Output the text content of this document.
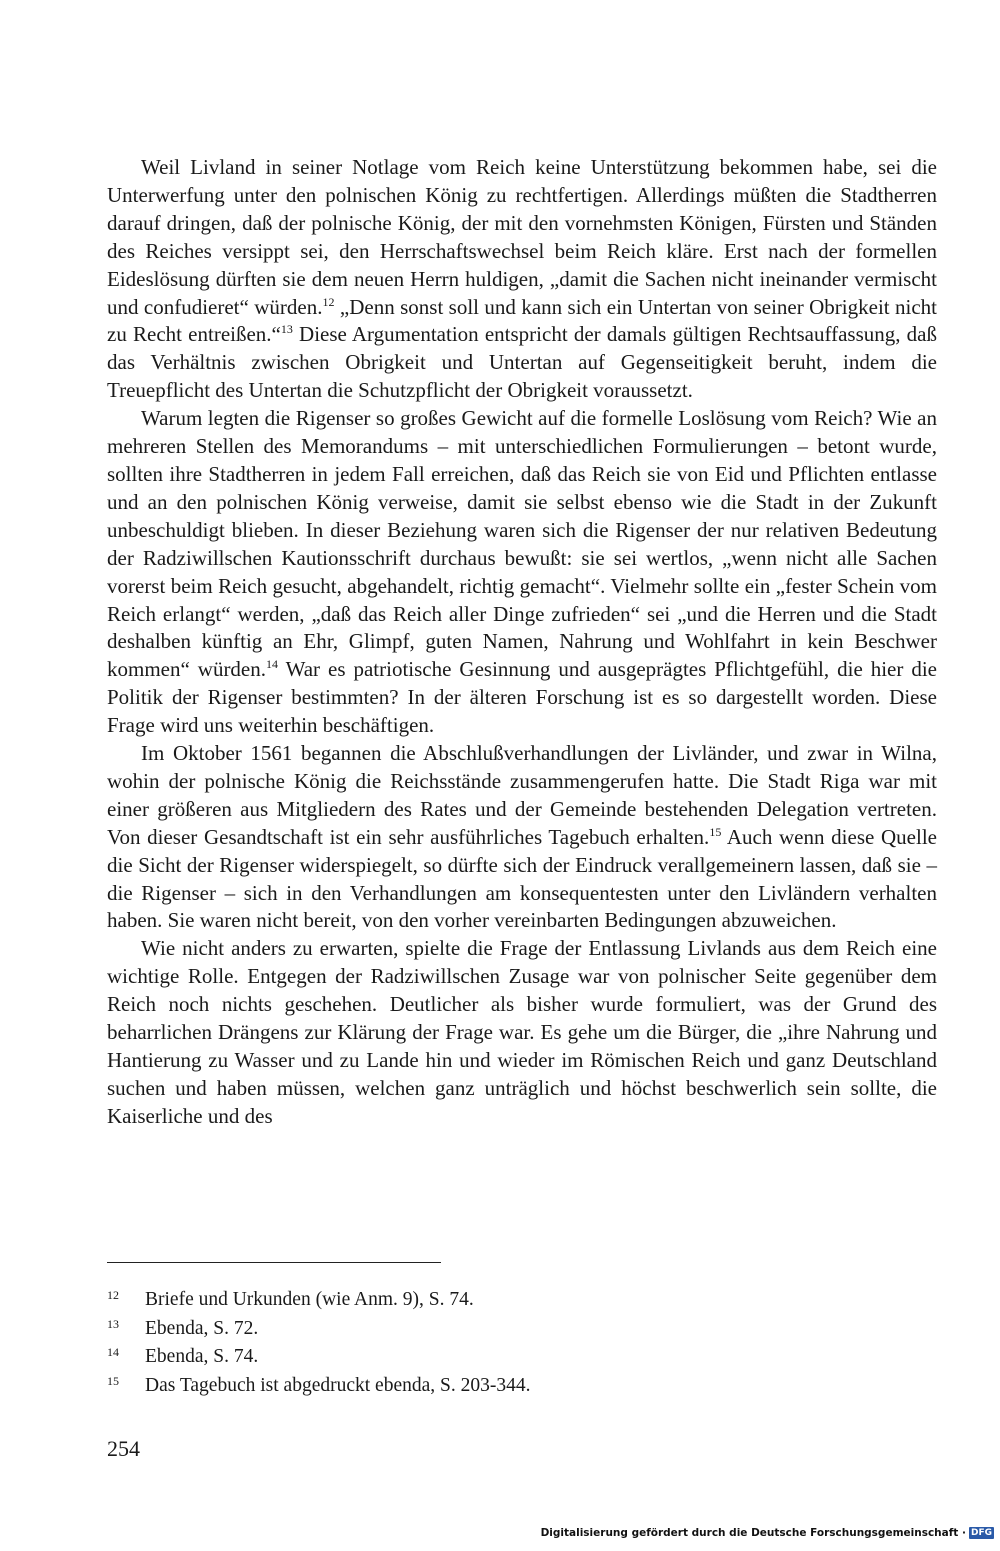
Weil Livland in seiner Notlage vom Reich keine Unterstützung bekommen habe, sei die Unterwerfung unter den polnischen König zu rechtfertigen. Allerdings müßten die Stadtherren darauf dringen, daß der polnische König, der mit den vornehmsten Königen, Fürsten und Ständen des Reiches versippt sei, den Herrschaftswechsel beim Reich kläre. Erst nach der formellen Eideslösung dürften sie dem neuen Herrn huldigen, „damit die Sachen nicht ineinander vermischt und confudieret“ würden.$^{12}$ „Denn sonst soll und kann sich ein Untertan von seiner Obrigkeit nicht zu Recht entreißen.“$^{13}$ Diese Argumentation entspricht der damals gültigen Rechtsauffassung, daß das Verhältnis zwischen Obrigkeit und Untertan auf Gegenseitigkeit beruht, indem die Treuepflicht des Untertan die Schutzpflicht der Obrigkeit voraussetzt.

Warum legten die Rigenser so großes Gewicht auf die formelle Loslösung vom Reich? Wie an mehreren Stellen des Memorandums – mit unterschiedlichen Formulierungen – betont wurde, sollten ihre Stadtherren in jedem Fall erreichen, daß das Reich sie von Eid und Pflichten entlasse und an den polnischen König verweise, damit sie selbst ebenso wie die Stadt in der Zukunft unbeschuldigt blieben. In dieser Beziehung waren sich die Rigenser der nur relativen Bedeutung der Radziwillschen Kautionsschrift durchaus bewußt: sie sei wertlos, „wenn nicht alle Sachen vorerst beim Reich gesucht, abgehandelt, richtig gemacht“. Vielmehr sollte ein „fester Schein vom Reich erlangt“ werden, „daß das Reich aller Dinge zufrieden“ sei „und die Herren und die Stadt deshalben künftig an Ehr, Glimpf, guten Namen, Nahrung und Wohlfahrt in kein Beschwer kommen“ würden.$^{14}$ War es patriotische Gesinnung und ausgeprägtes Pflichtgefühl, die hier die Politik der Rigenser bestimmten? In der älteren Forschung ist es so dargestellt worden. Diese Frage wird uns weiterhin beschäftigen.

Im Oktober 1561 begannen die Abschlußverhandlungen der Livländer, und zwar in Wilna, wohin der polnische König die Reichsstände zusammengerufen hatte. Die Stadt Riga war mit einer größeren aus Mitgliedern des Rates und der Gemeinde bestehenden Delegation vertreten. Von dieser Gesandtschaft ist ein sehr ausführliches Tagebuch erhalten.$^{15}$ Auch wenn diese Quelle die Sicht der Rigenser widerspiegelt, so dürfte sich der Eindruck verallgemeinern lassen, daß sie – die Rigenser – sich in den Verhandlungen am konsequentesten unter den Livländern verhalten haben. Sie waren nicht bereit, von den vorher vereinbarten Bedingungen abzuweichen.

Wie nicht anders zu erwarten, spielte die Frage der Entlassung Livlands aus dem Reich eine wichtige Rolle. Entgegen der Radziwillschen Zusage war von polnischer Seite gegenüber dem Reich noch nichts geschehen. Deutlicher als bisher wurde formuliert, was der Grund des beharrlichen Drängens zur Klärung der Frage war. Es gehe um die Bürger, die „ihre Nahrung und Hantierung zu Wasser und zu Lande hin und wieder im Römischen Reich und ganz Deutschland suchen und haben müssen, welchen ganz unträglich und höchst beschwerlich sein sollte, die Kaiserliche und des

12	Briefe und Urkunden (wie Anm. 9), S. 74.
13	Ebenda, S. 72.
14	Ebenda, S. 74.
15	Das Tagebuch ist abgedruckt ebenda, S. 203-344.
254
Digitalisierung gefördert durch die Deutsche Forschungsgemeinschaft · DFG
